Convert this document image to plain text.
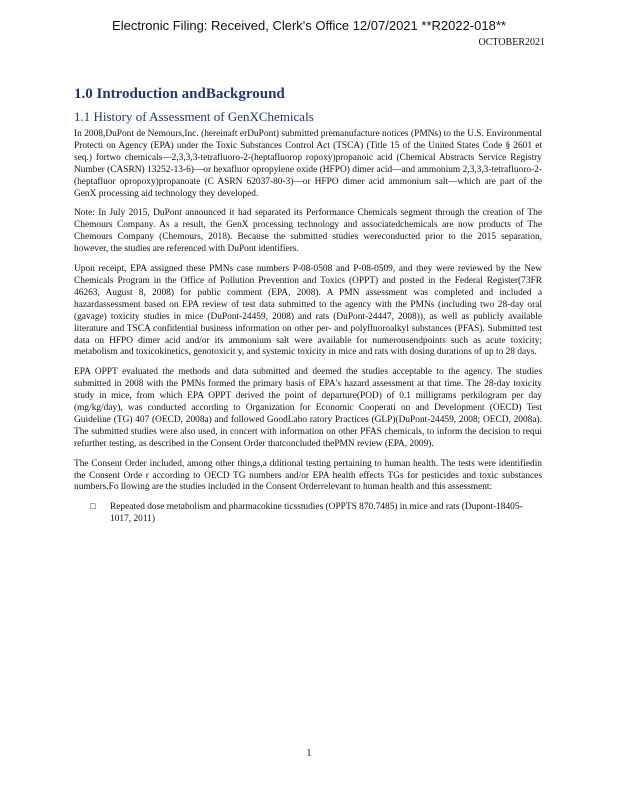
Electronic Filing: Received, Clerk's Office 12/07/2021 **R2022-018**
OCTOBER2021
1.0 Introduction andBackground
1.1 History of Assessment of GenXChemicals

In 2008,DuPont de Nemours,Inc. (hereinaft erDuPont) submitted premanufacture notices (PMNs) to the U.S. Environmental Protecti on Agency (EPA) under the Toxic Substances Control Act (TSCA) (Title 15 of the United States Code § 2601 et seq.) fortwo chemicals—2,3,3,3-tetrafluoro-2-(heptafluorop ropoxy)propanoic acid (Chemical Abstracts Service Registry Number (CASRN) 13252-13-6)—or hexafluor opropylene oxide (HFPO) dimer acid—and ammonium 2,3,3,3-tetrafluoro-2-(heptafluor opropoxy)propanoate (C ASRN 62037-80-3)—or HFPO dimer acid ammonium salt—which are part of the GenX processing aid technology they developed.

Note: In July 2015, DuPont announced it had separated its Performance Chemicals segment through the creation of The Chemours Company. As a result, the GenX processing technology and associatedchemicals are now products of The Chemours Company (Chemours, 2018). Because the submitted studies wereconducted prior to the 2015 separation, however, the studies are referenced with DuPont identifiers.

Upon receipt, EPA assigned these PMNs case numbers P-08-0508 and P-08-0509, and they were reviewed by the New Chemicals Program in the Office of Pollution Prevention and Toxics (OPPT) and posted in the Federal Register(73FR 46263, August 8, 2008) for public comment (EPA, 2008). A PMN assessment was completed and included a hazardassessment based on EPA review of test data submitted to the agency with the PMNs (including two 28-day oral (gavage) toxicity studies in mice (DuPont-24459, 2008) and rats (DuPont-24447, 2008)), as well as publicly available literature and TSCA confidential business information on other per- and polyfluoroalkyl substances (PFAS). Submitted test data on HFPO dimer acid and/or its ammonium salt were available for numerousendpoints such as acute toxicity; metabolism and toxicokinetics, genotoxicit y, and systemic toxicity in mice and rats with dosing durations of up to 28 days.

EPA OPPT evaluated the methods and data submitted and deemed the studies acceptable to the agency. The studies submitted in 2008 with the PMNs formed the primary basis of EPA's hazard assessment at that time. The 28-day toxicity study in mice, from which EPA OPPT derived the point of departure(POD) of 0.1 milligrams perkilogram per day (mg/kg/day), was conducted according to Organization for Economic Cooperati on and Development (OECD) Test Guideline (TG) 407 (OECD, 2008a) and followed GoodLabo ratory Practices (GLP)(DuPont-24459, 2008; OECD, 2008a). The submitted studies were also used, in concert with information on other PFAS chemicals, to inform the decision to requi refurther testing, as described in the Consent Order thatconcluded thePMN review (EPA, 2009).

The Consent Order included, among other things,a dditional testing pertaining to human health. The tests were identifiedin the Consent Orde r according to OECD TG numbers and/or EPA health effects TGs for pesticides and toxic substances numbers.Fo llowing are the studies included in the Consent Orderrelevant to human health and this assessment:

□ Repeated dose metabolism and pharmacokine ticsstudies (OPPTS 870.7485) in mice and rats (Dupont-18405-1017, 2011)
1
